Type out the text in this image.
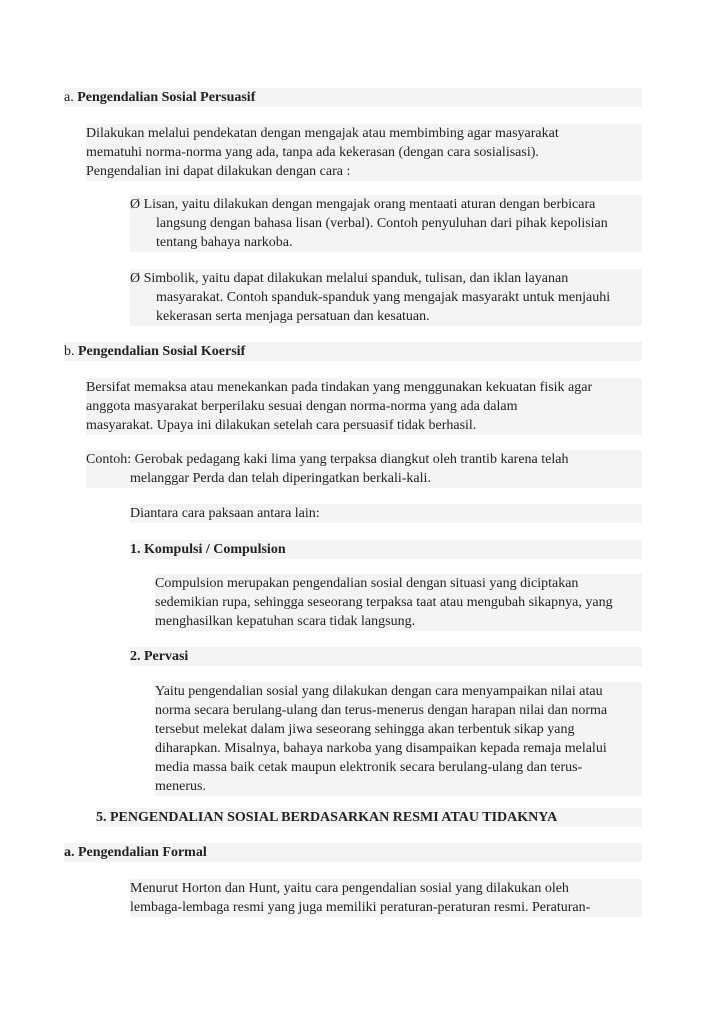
a. Pengendalian Sosial Persuasif
Dilakukan melalui pendekatan dengan mengajak atau membimbing agar masyarakat
mematuhi norma-norma yang ada, tanpa ada kekerasan (dengan cara sosialisasi).
Pengendalian ini dapat dilakukan dengan cara :
Ø Lisan, yaitu dilakukan dengan mengajak orang mentaati aturan dengan berbicara
langsung dengan bahasa lisan (verbal). Contoh penyuluhan dari pihak kepolisian
tentang bahaya narkoba.
Ø Simbolik, yaitu dapat dilakukan melalui spanduk, tulisan, dan iklan layanan
masyarakat. Contoh spanduk-spanduk yang mengajak masyarakt untuk menjauhi
kekerasan serta menjaga persatuan dan kesatuan.
b. Pengendalian Sosial Koersif
Bersifat memaksa atau menekankan pada tindakan yang menggunakan kekuatan fisik agar
anggota masyarakat berperilaku sesuai dengan norma-norma yang ada dalam
masyarakat. Upaya ini dilakukan setelah cara persuasif tidak berhasil.
Contoh: Gerobak pedagang kaki lima yang terpaksa diangkut oleh trantib karena telah
melanggar Perda dan telah diperingatkan berkali-kali.
Diantara cara paksaan antara lain:
1. Kompulsi / Compulsion
Compulsion merupakan pengendalian sosial dengan situasi yang diciptakan
sedemikian rupa, sehingga seseorang terpaksa taat atau mengubah sikapnya, yang
menghasilkan kepatuhan scara tidak langsung.
2. Pervasi
Yaitu pengendalian sosial yang dilakukan dengan cara menyampaikan nilai atau
norma secara berulang-ulang dan terus-menerus dengan harapan nilai dan norma
tersebut melekat dalam jiwa seseorang sehingga akan terbentuk sikap yang
diharapkan. Misalnya, bahaya narkoba yang disampaikan kepada remaja melalui
media massa baik cetak maupun elektronik secara berulang-ulang dan terus-
menerus.
5. PENGENDALIAN SOSIAL BERDASARKAN RESMI ATAU TIDAKNYA
a. Pengendalian Formal
Menurut Horton dan Hunt, yaitu cara pengendalian sosial yang dilakukan oleh
lembaga-lembaga resmi yang juga memiliki peraturan-peraturan resmi. Peraturan-
